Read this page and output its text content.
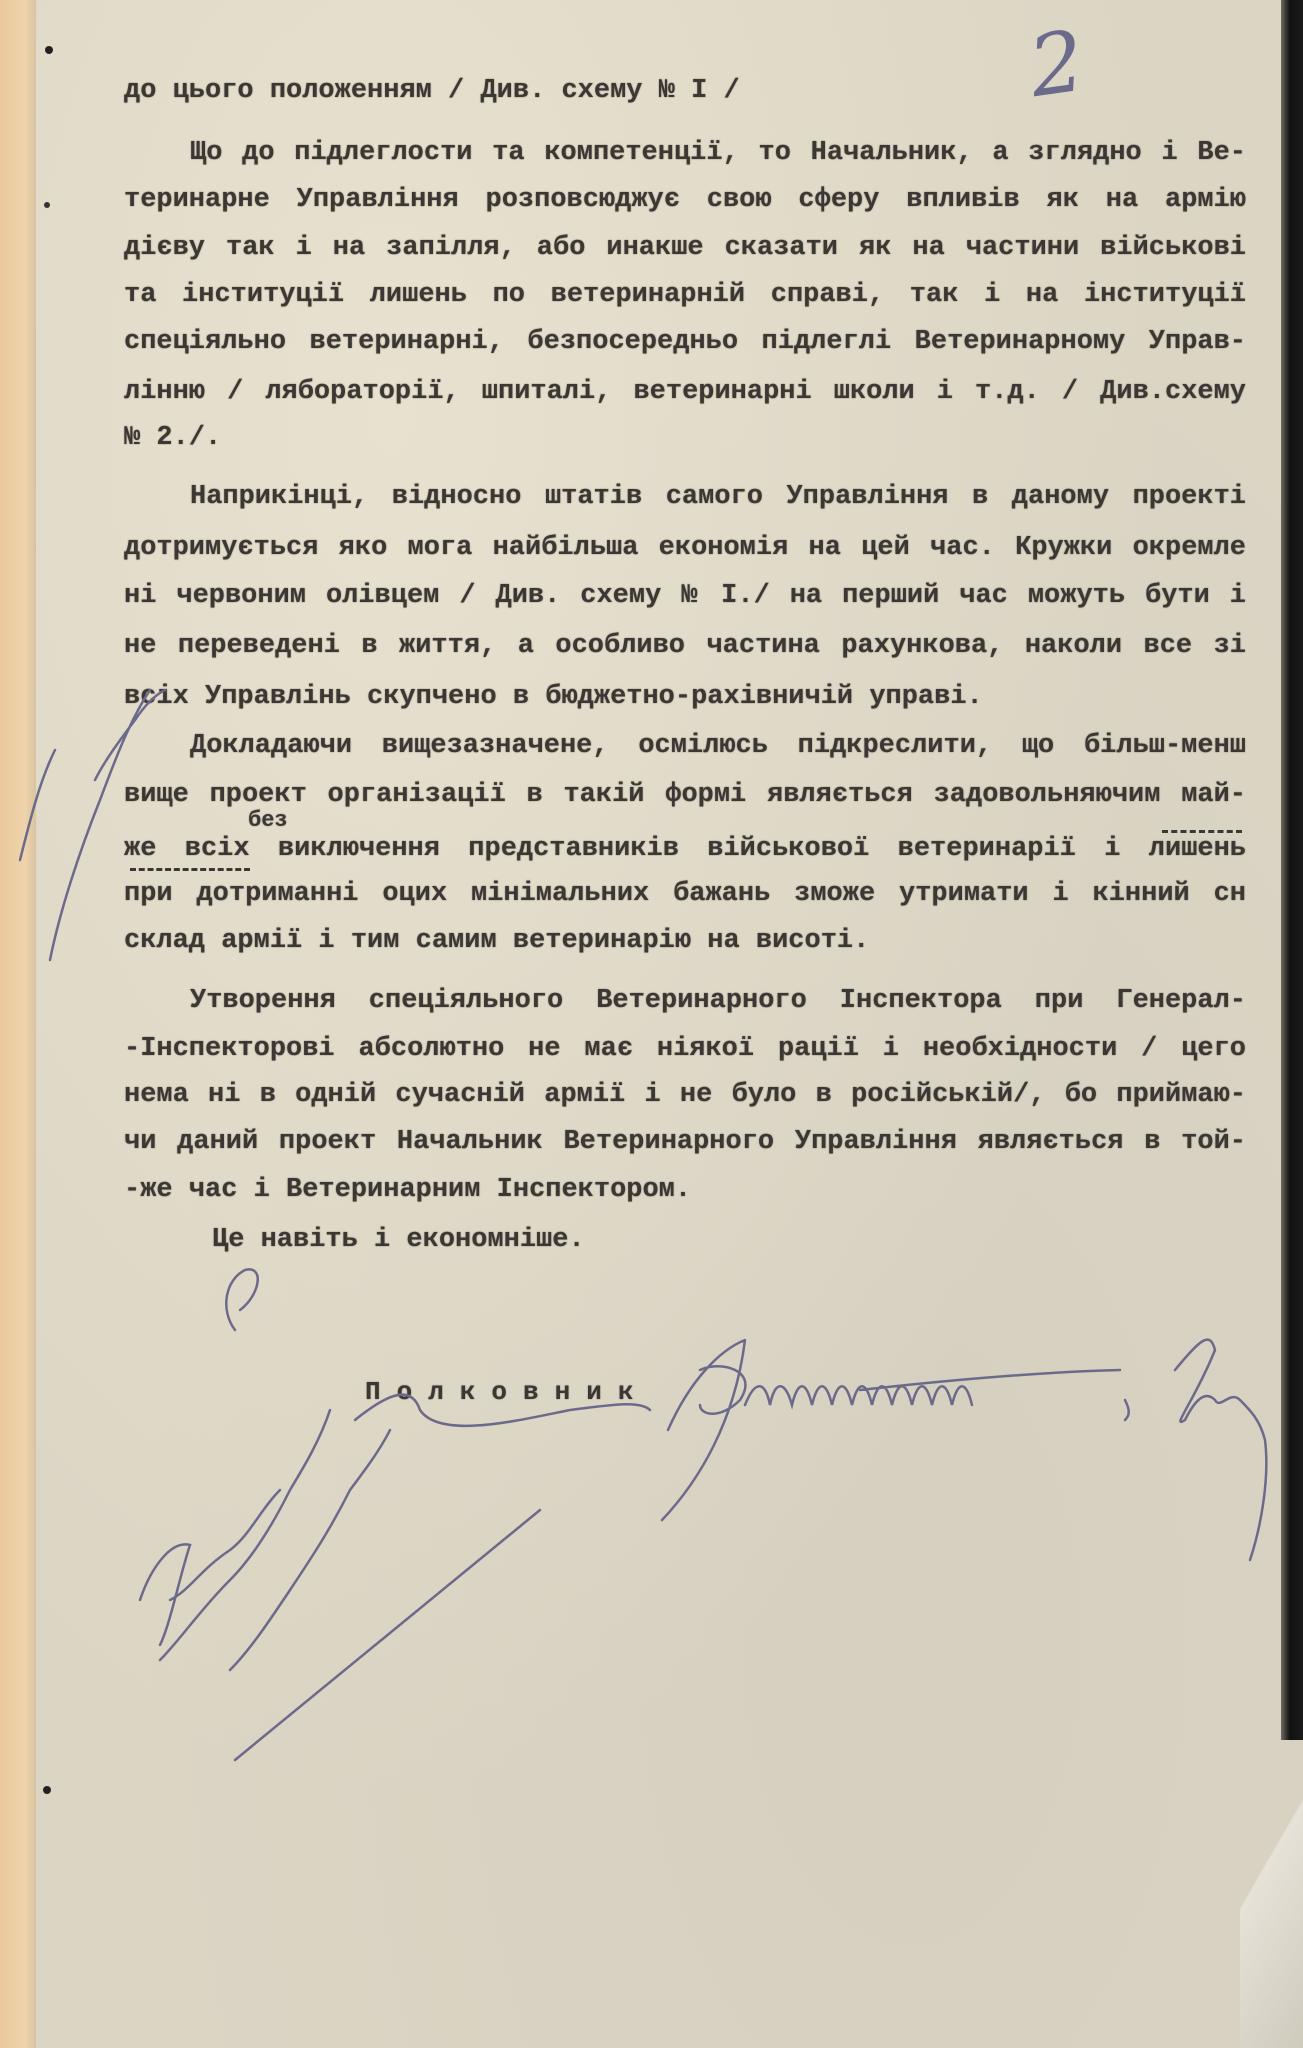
2
до цього положенням / Див. схему № I /
Що до підлеглости та компетенції, то Начальник, а зглядно і Ве-
теринарне Управління розповсюджує свою сферу впливів як на армію
дієву так і на запілля, або инакше сказати як на частини військові
та інституції лишень по ветеринарній справі, так і на інституції
спеціяльно ветеринарні, безпосередньо підлеглі Ветеринарному Управ-
лінню / лябораторії, шпиталі, ветеринарні школи і т.д. / Див.схему
№ 2./.
Наприкінці, відносно штатів самого Управління в даному проекті
дотримується яко мога найбільша економія на цей час. Кружки окремле
ні червоним олівцем / Див. схему № I./ на перший час можуть бути і
не переведені в життя, а особливо частина рахункова, наколи все зі
всіх Управлінь скупчено в бюджетно-рахівничій управі.
Докладаючи вищезазначене, осмілюсь підкреслити, що більш-менш
вище проект організації в такій формі являється задовольняючим май-
без
же всіх виключення представників військової ветеринарії і лишень
при дотриманні оцих мінімальних бажань зможе утримати і кінний сн
склад армії і тим самим ветеринарію на висоті.
Утворення спеціяльного Ветеринарного Інспектора при Генерал-
-Інспекторові абсолютно не має ніякої рації і необхідности / цего
нема ні в одній сучасній армії і не було в російській/, бо приймаю-
чи даний проект Начальник Ветеринарного Управління являється в той-
-же час і Ветеринарним Інспектором.
Це навіть і економніше.
Полковник
